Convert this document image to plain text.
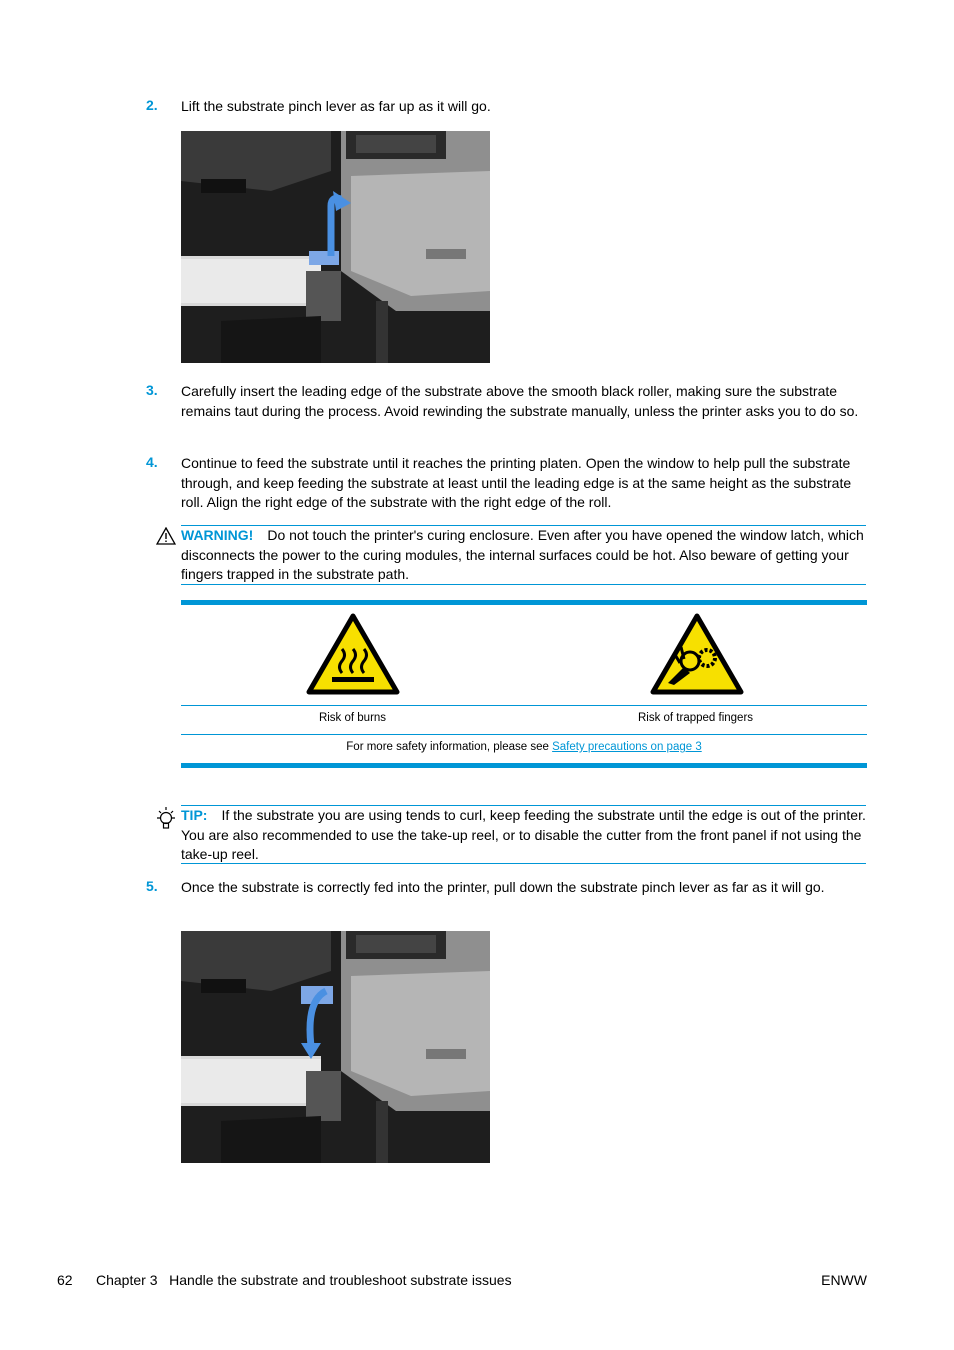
2. Lift the substrate pinch lever as far up as it will go.
3. Carefully insert the leading edge of the substrate above the smooth black roller, making sure the substrate remains taut during the process. Avoid rewinding the substrate manually, unless the printer asks you to do so.
4. Continue to feed the substrate until it reaches the printing platen. Open the window to help pull the substrate through, and keep feeding the substrate at least until the leading edge is at the same height as the substrate roll. Align the right edge of the substrate with the right edge of the roll.
WARNING! Do not touch the printer's curing enclosure. Even after you have opened the window latch, which disconnects the power to the curing modules, the internal surfaces could be hot. Also beware of getting your fingers trapped in the substrate path.
Risk of burns	Risk of trapped fingers
For more safety information, please see Safety precautions on page 3
TIP: If the substrate you are using tends to curl, keep feeding the substrate until the edge is out of the printer. You are also recommended to use the take-up reel, or to disable the cutter from the front panel if not using the take-up reel.
5. Once the substrate is correctly fed into the printer, pull down the substrate pinch lever as far as it will go.
62 Chapter 3   Handle the substrate and troubleshoot substrate issues	ENWW
